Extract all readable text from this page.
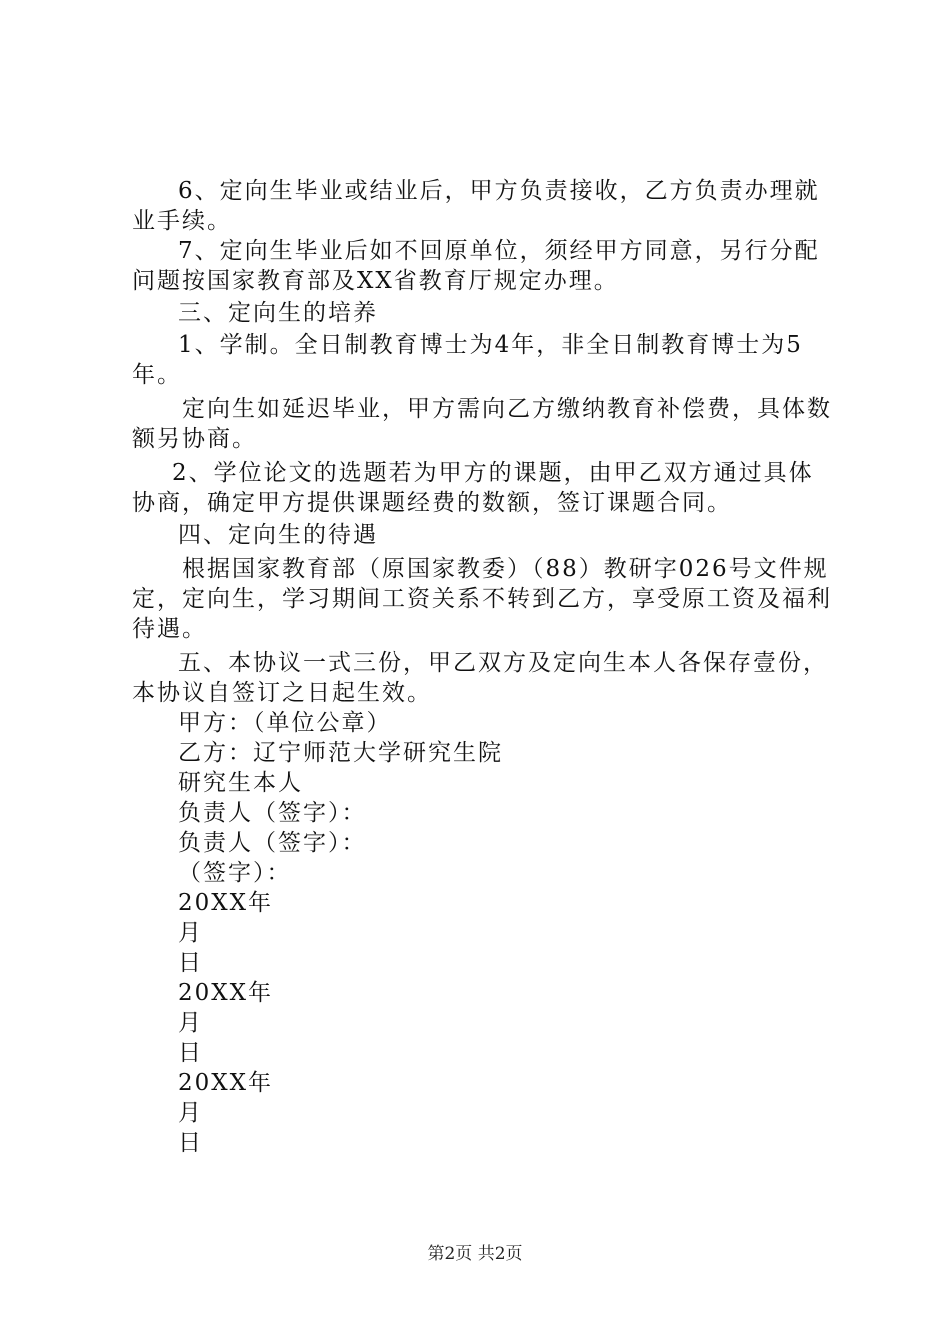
6、定向生毕业或结业后，甲方负责接收，乙方负责办理就业手续。

7、定向生毕业后如不回原单位，须经甲方同意，另行分配问题按国家教育部及XX省教育厅规定办理。

三、定向生的培养

1、学制。全日制教育博士为4年，非全日制教育博士为5年。

定向生如延迟毕业，甲方需向乙方缴纳教育补偿费，具体数额另协商。

2、学位论文的选题若为甲方的课题，由甲乙双方通过具体协商，确定甲方提供课题经费的数额，签订课题合同。

四、定向生的待遇

根据国家教育部（原国家教委）（88）教研字026号文件规定，定向生，学习期间工资关系不转到乙方，享受原工资及福利待遇。

五、本协议一式三份，甲乙双方及定向生本人各保存壹份，本协议自签订之日起生效。

甲方：（单位公章）

乙方：辽宁师范大学研究生院

研究生本人

负责人（签字）：

负责人（签字）：

（签字）：

20XX年

月

日

20XX年

月

日

20XX年

月

日

第2页 共2页
